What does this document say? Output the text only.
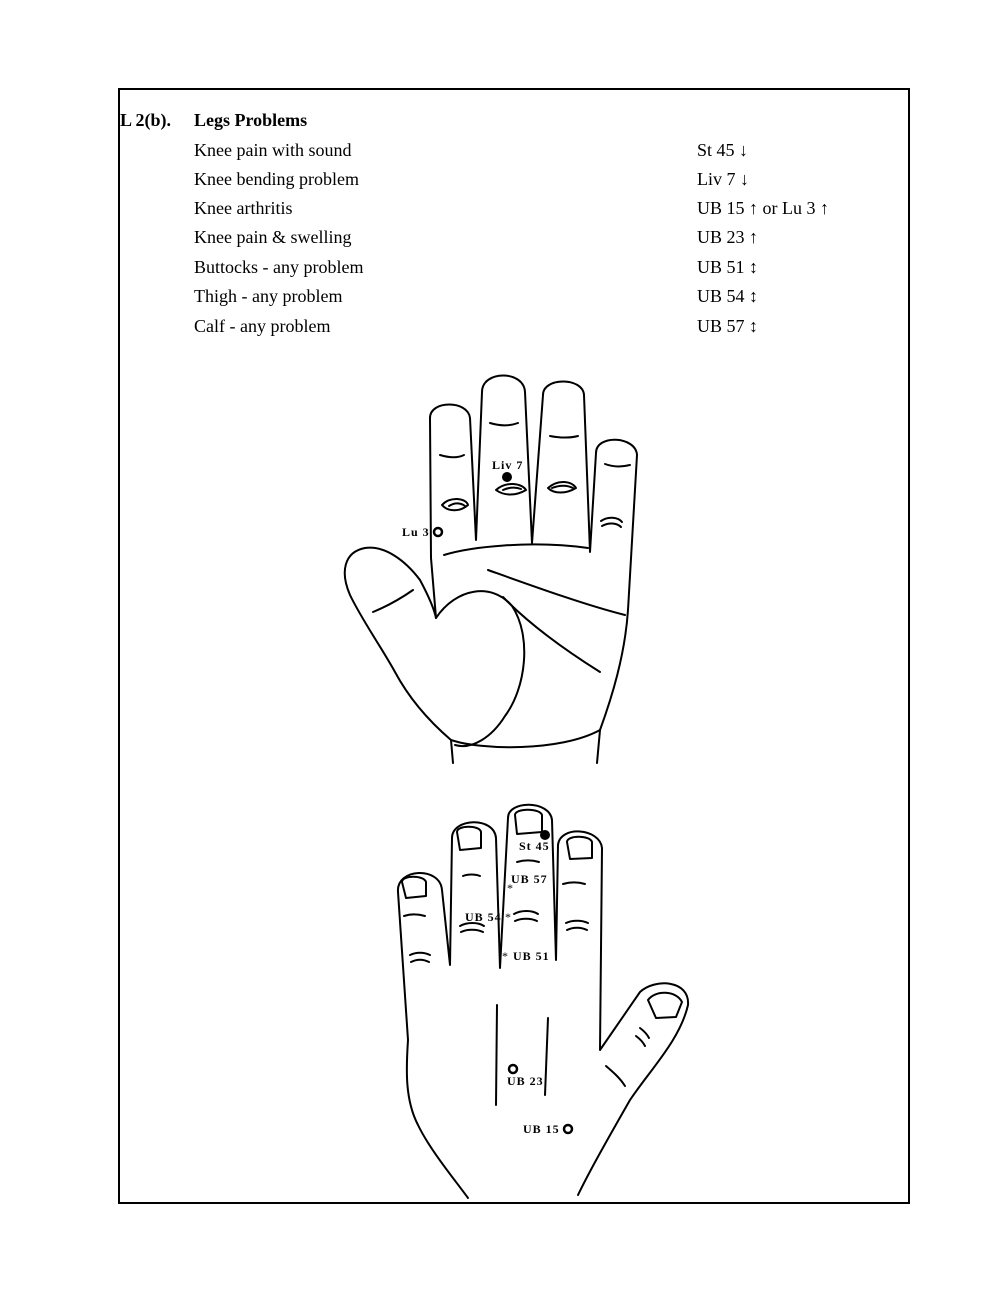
L 2(b). Legs Problems
Knee pain with sound	St 45 ↓
Knee bending problem	Liv 7 ↓
Knee arthritis	UB 15 ↑ or Lu 3 ↑
Knee pain & swelling	UB 23 ↑
Buttocks - any problem	UB 51 ↕
Thigh - any problem	UB 54 ↕
Calf - any problem	UB 57 ↕
Liv 7
Lu 3
*
*
*
St 45
UB 57
UB 54
UB 51
UB 23
UB 15
